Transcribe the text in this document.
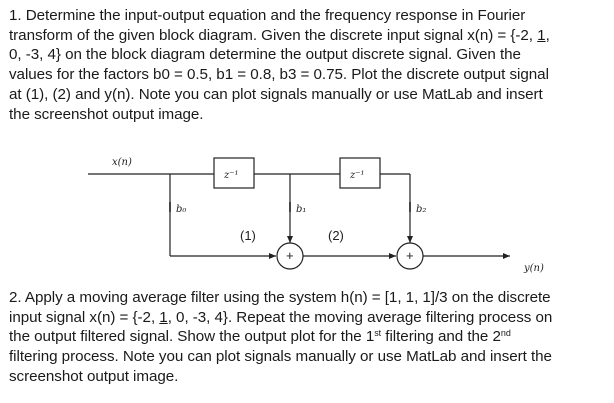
1. Determine the input-output equation and the frequency response in Fourier
transform of the given block diagram. Given the discrete input signal x(n) = {-2, 1,
0, -3, 4} on the block diagram determine the output discrete signal. Given the
values for the factors b0 = 0.5, b1 = 0.8, b3 = 0.75. Plot the discrete output signal
at (1), (2) and y(n). Note you can plot signals manually or use MatLab and insert
the screenshot output image.
x(n)
y(n)
z⁻¹	z⁻¹
b₀	b₁	b₂
(1)	(2)
+	+
2. Apply a moving average filter using the system h(n) = [1, 1, 1]/3 on the discrete
input signal x(n) = {-2, 1, 0, -3, 4}. Repeat the moving average filtering process on
the output filtered signal. Show the output plot for the 1st filtering and the 2nd
filtering process. Note you can plot signals manually or use MatLab and insert the
screenshot output image.
